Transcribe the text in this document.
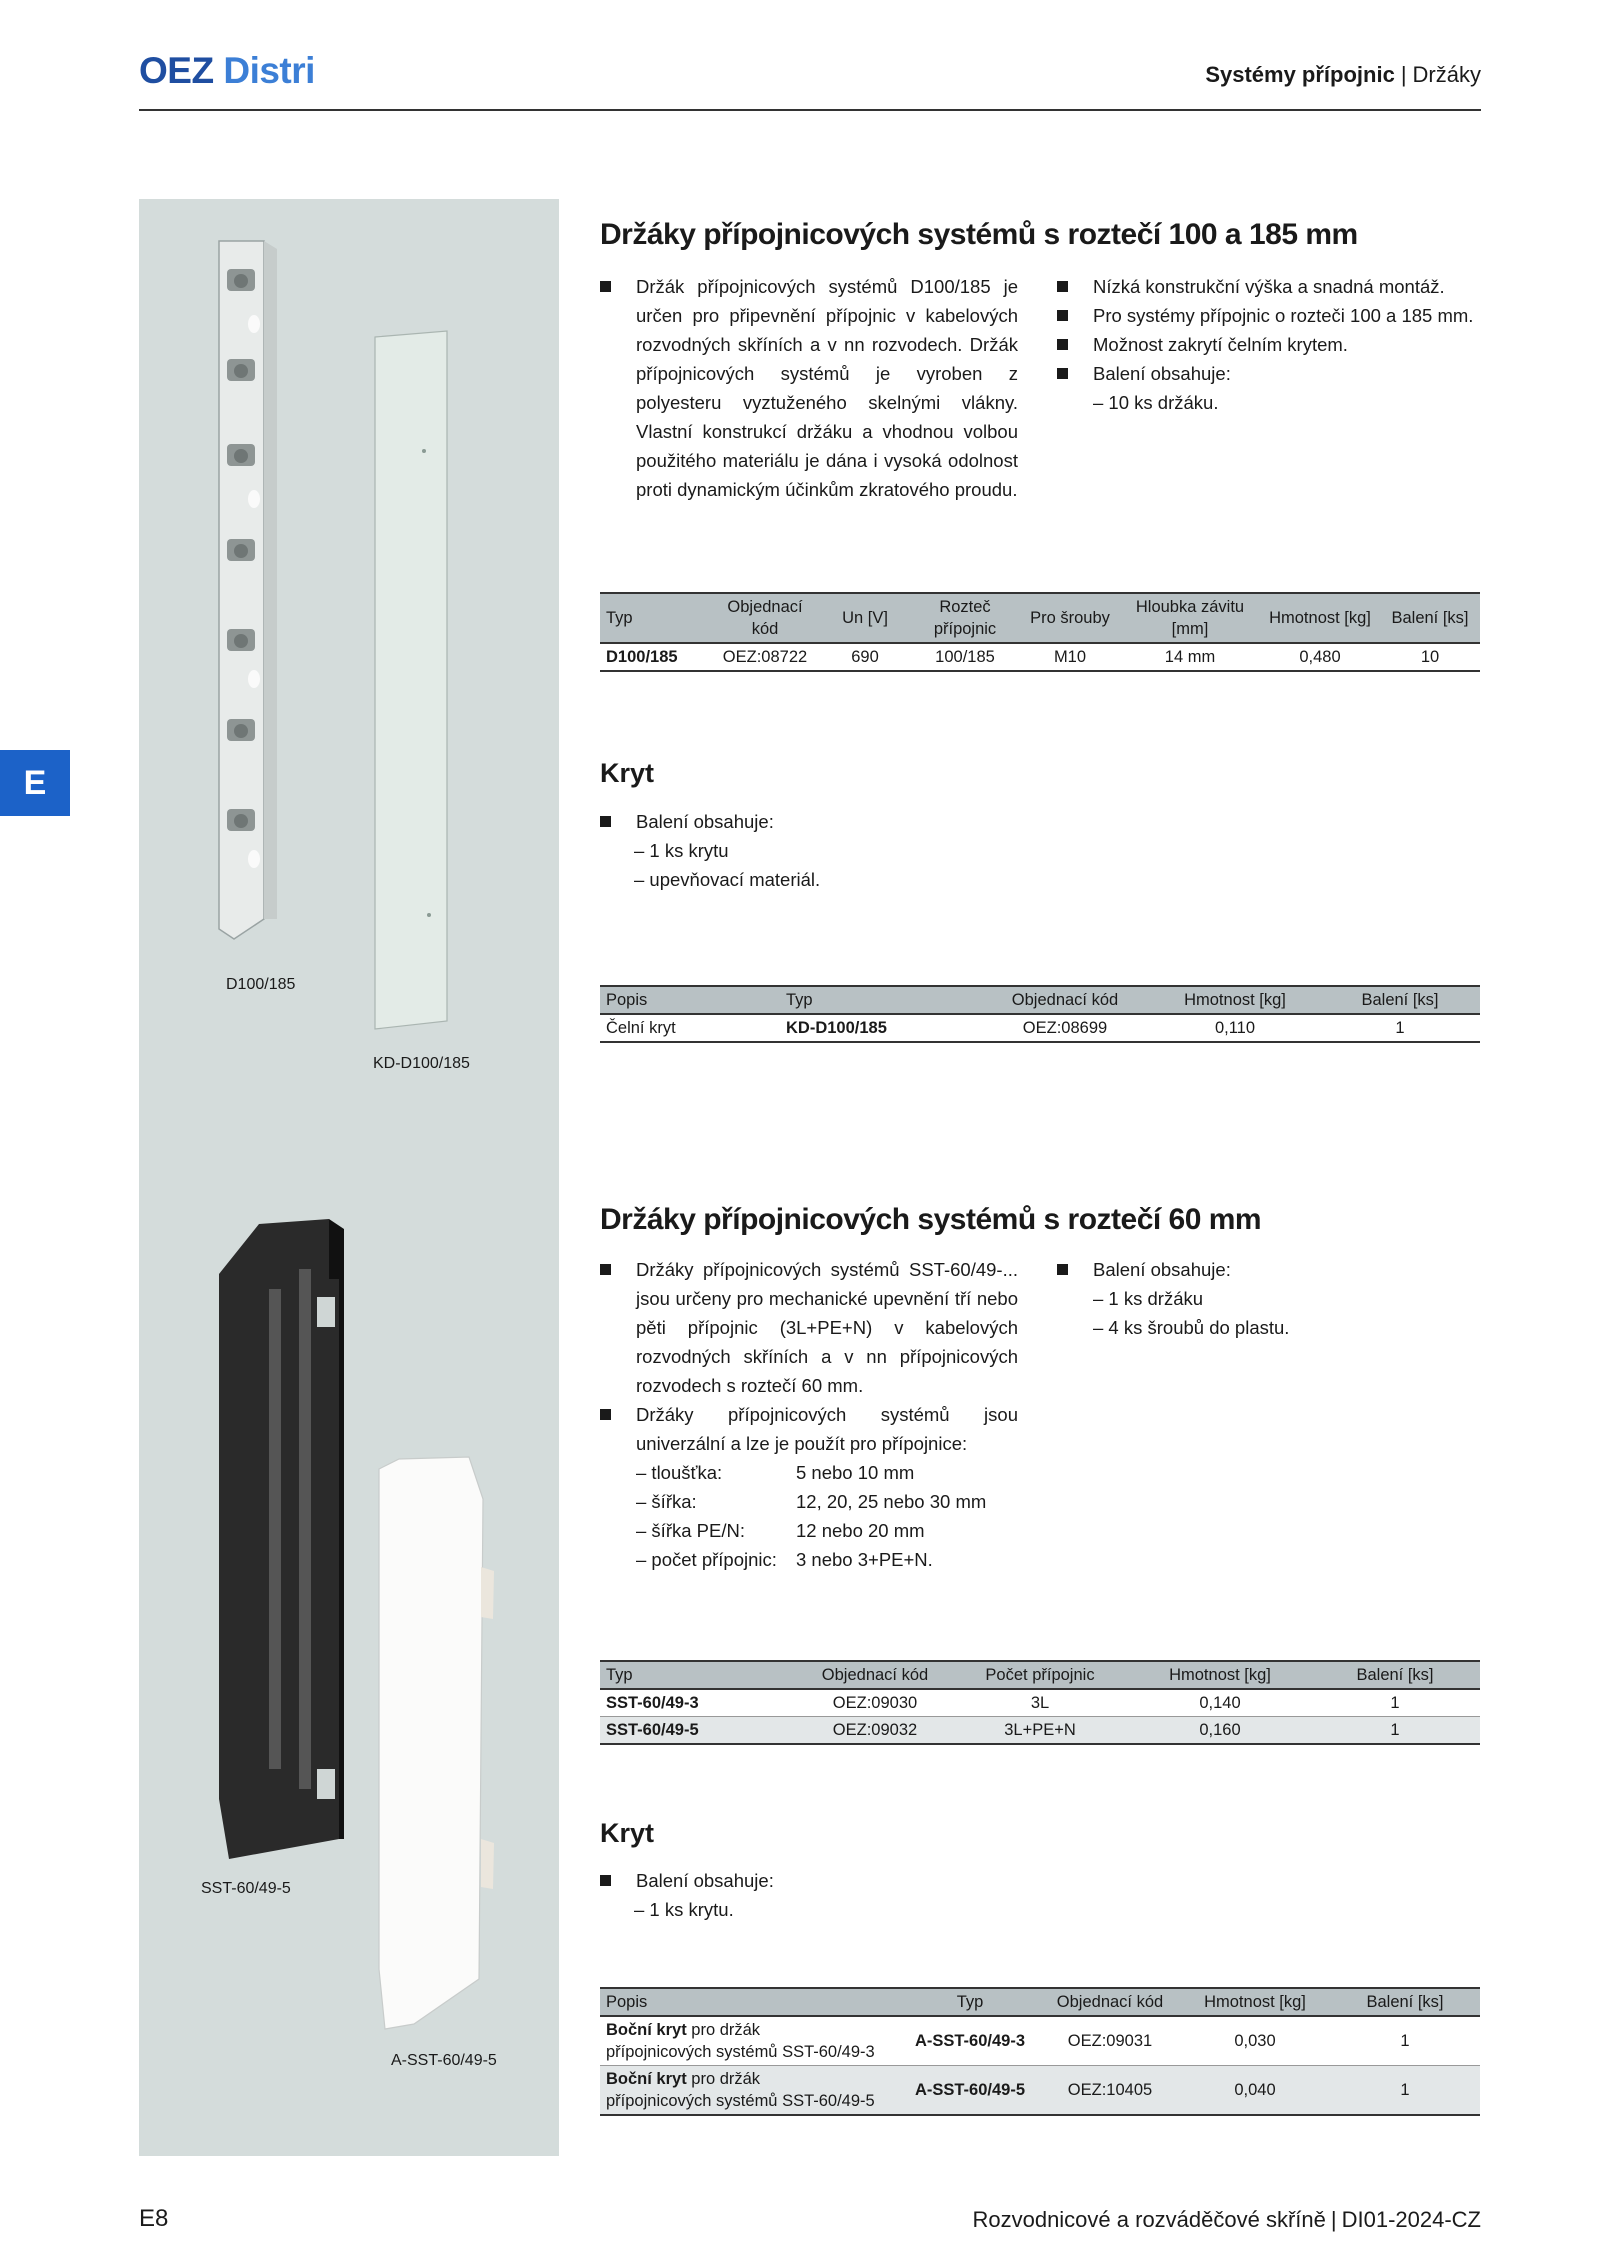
OEZ Distri	Systémy přípojnic | Držáky
E
D100/185
KD-D100/185
SST-60/49-5
A-SST-60/49-5
Držáky přípojnicových systémů s roztečí 100 a 185 mm
Držák přípojnicových systémů D100/185 je určen pro připevnění přípojnic v kabelových rozvodných skříních a v nn rozvodech. Držák přípojnicových systémů je vyroben z polyesteru vyztuženého skelnými vlákny. Vlastní konstrukcí držáku a vhodnou volbou použitého materiálu je dána i vysoká odolnost proti dynamickým účinkům zkratového proudu.
Nízká konstrukční výška a snadná montáž.
Pro systémy přípojnic o rozteči 100 a 185 mm.
Možnost zakrytí čelním krytem.
Balení obsahuje:
– 10 ks držáku.
Typ	Objednací kód	Un [V]	Rozteč přípojnic	Pro šrouby	Hloubka závitu [mm]	Hmotnost [kg]	Balení [ks]
D100/185	OEZ:08722	690	100/185	M10	14 mm	0,480	10
Kryt
Balení obsahuje:
– 1 ks krytu
– upevňovací materiál.
Popis	Typ	Objednací kód	Hmotnost [kg]	Balení [ks]
Čelní kryt	KD-D100/185	OEZ:08699	0,110	1
Držáky přípojnicových systémů s roztečí 60 mm
Držáky přípojnicových systémů SST-60/49-... jsou určeny pro mechanické upevnění tří nebo pěti přípojnic (3L+PE+N) v kabelových rozvodných skříních a v nn přípojnicových rozvodech s roztečí 60 mm.
Držáky přípojnicových systémů jsou univerzální a lze je použít pro přípojnice:
– tloušťka:	5 nebo 10 mm
– šířka:	12, 20, 25 nebo 30 mm
– šířka PE/N:	12 nebo 20 mm
– počet přípojnic:	3 nebo 3+PE+N.
Balení obsahuje:
– 1 ks držáku
– 4 ks šroubů do plastu.
Typ	Objednací kód	Počet přípojnic	Hmotnost [kg]	Balení [ks]
SST-60/49-3	OEZ:09030	3L	0,140	1
SST-60/49-5	OEZ:09032	3L+PE+N	0,160	1
Kryt
Balení obsahuje:
– 1 ks krytu.
Popis	Typ	Objednací kód	Hmotnost [kg]	Balení [ks]
Boční kryt pro držák
přípojnicových systémů SST-60/49-3	A-SST-60/49-3	OEZ:09031	0,030	1
Boční kryt pro držák
přípojnicových systémů SST-60/49-5	A-SST-60/49-5	OEZ:10405	0,040	1
E8	Rozvodnicové a rozváděčové skříně | DI01-2024-CZ
